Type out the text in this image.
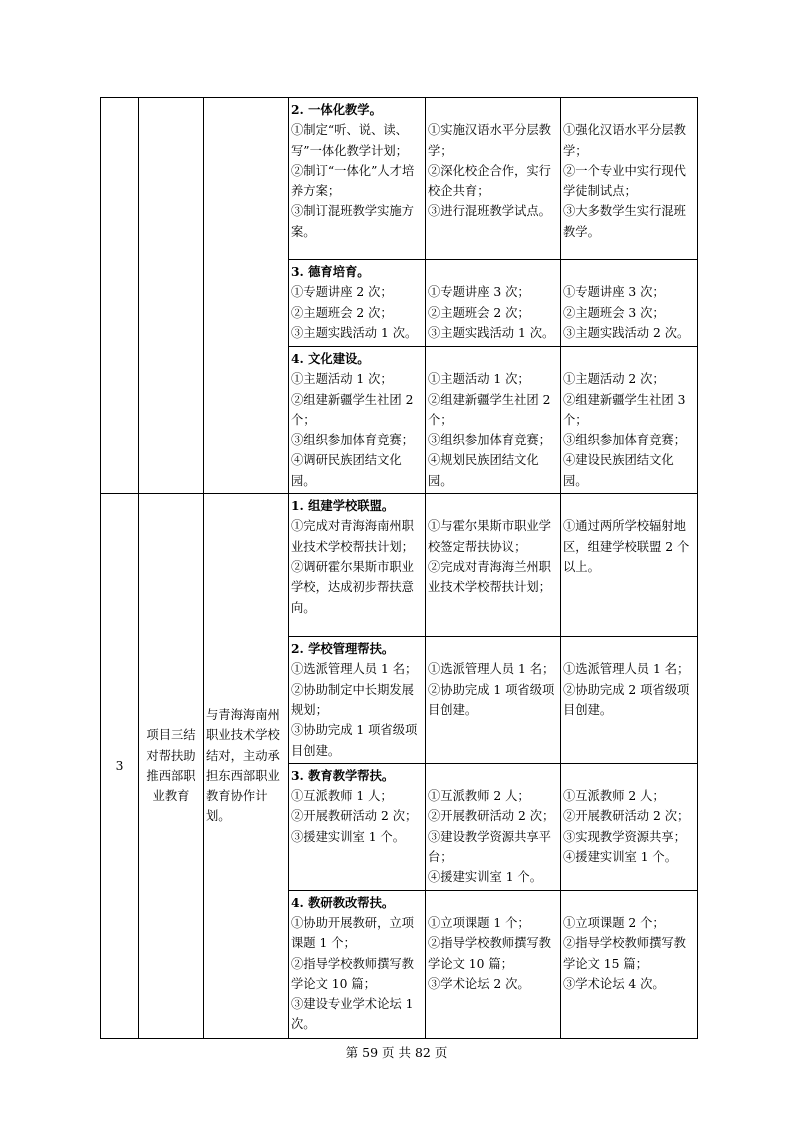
			2. 一体化教学。
①制定“听、说、读、写”一体化教学计划；
②制订“一体化”人才培养方案；
③制订混班教学实施方案。	①实施汉语水平分层教学；
②深化校企合作，实行校企共育；
③进行混班教学试点。	①强化汉语水平分层教学；
②一个专业中实行现代学徒制试点；
③大多数学生实行混班教学。

			3. 德育培育。
①专题讲座 2 次；
②主题班会 2 次；
③主题实践活动 1 次。	①专题讲座 3 次；
②主题班会 2 次；
③主题实践活动 1 次。	①专题讲座 3 次；
②主题班会 3 次；
③主题实践活动 2 次。

			4. 文化建设。
①主题活动 1 次；
②组建新疆学生社团 2 个；
③组织参加体育竞赛；
④调研民族团结文化园。	①主题活动 1 次；
②组建新疆学生社团 2 个；
③组织参加体育竞赛；
④规划民族团结文化园。	①主题活动 2 次；
②组建新疆学生社团 3 个；
③组织参加体育竞赛；
④建设民族团结文化园。

3	项目三结对帮扶助推西部职业教育	与青海海南州职业技术学校结对，主动承担东西部职业教育协作计划。	1. 组建学校联盟。
①完成对青海海南州职业技术学校帮扶计划；
②调研霍尔果斯市职业学校，达成初步帮扶意向。	①与霍尔果斯市职业学校签定帮扶协议；
②完成对青海海兰州职业技术学校帮扶计划；	①通过两所学校辐射地区，组建学校联盟 2 个以上。

			2. 学校管理帮扶。
①选派管理人员 1 名；
②协助制定中长期发展规划；
③协助完成 1 项省级项目创建。	①选派管理人员 1 名；
②协助完成 1 项省级项目创建。	①选派管理人员 1 名；
②协助完成 2 项省级项目创建。

			3. 教育教学帮扶。
①互派教师 1 人；
②开展教研活动 2 次；
③援建实训室 1 个。	①互派教师 2 人；
②开展教研活动 2 次；
③建设教学资源共享平台；
④援建实训室 1 个。	①互派教师 2 人；
②开展教研活动 2 次；
③实现教学资源共享；
④援建实训室 1 个。

			4. 教研教改帮扶。
①协助开展教研，立项课题 1 个；
②指导学校教师撰写教学论文 10 篇；
③建设专业学术论坛 1 次。	①立项课题 1 个；
②指导学校教师撰写教学论文 10 篇；
③学术论坛 2 次。	①立项课题 2 个；
②指导学校教师撰写教学论文 15 篇；
③学术论坛 4 次。
第 59 页 共 82 页
